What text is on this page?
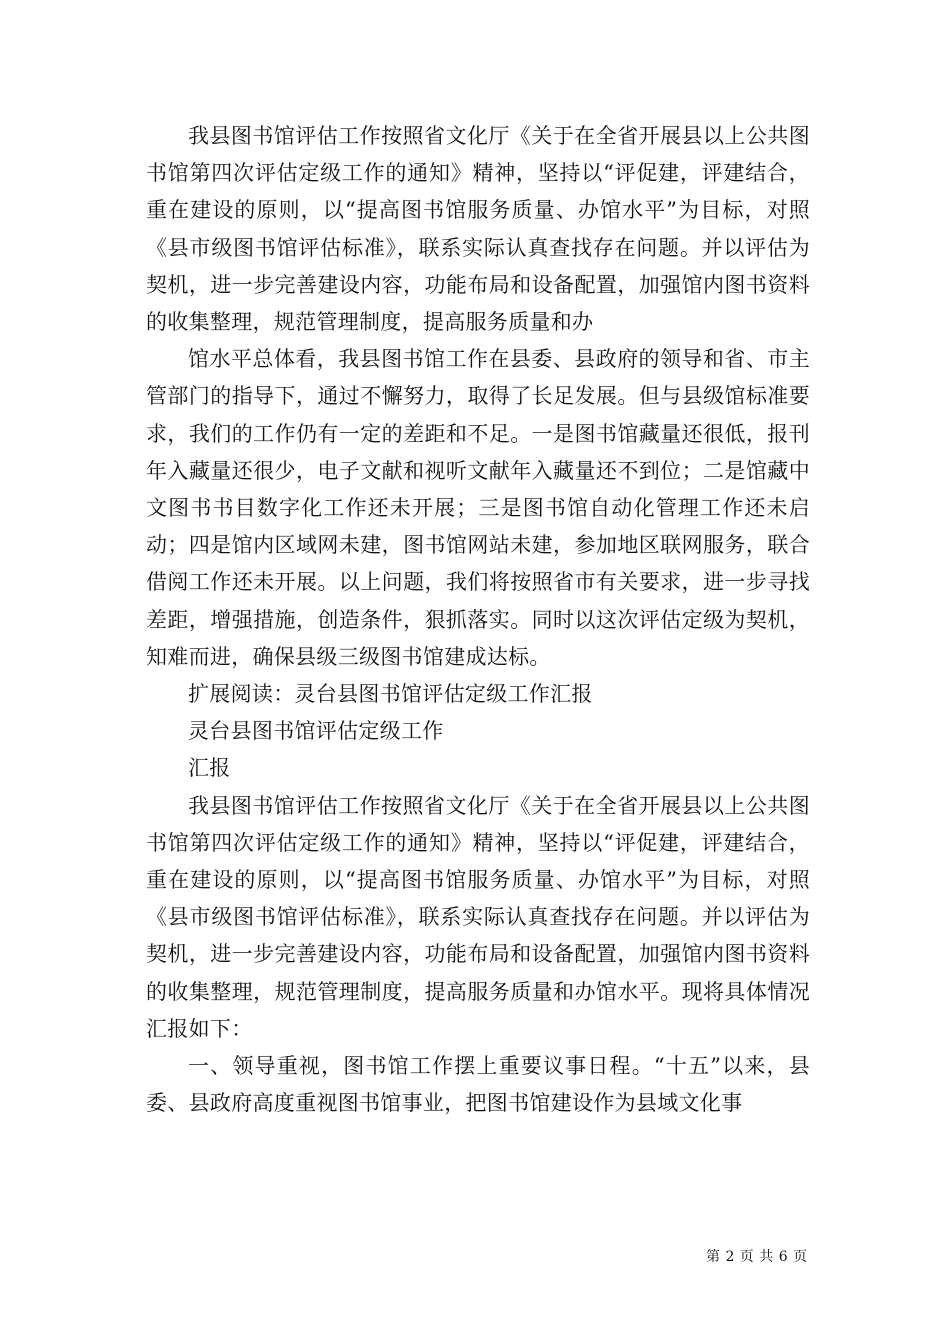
我县图书馆评估工作按照省文化厅《关于在全省开展县以上公共图书馆第四次评估定级工作的通知》精神，坚持以“评促建，评建结合，重在建设的原则，以“提高图书馆服务质量、办馆水平”为目标，对照《县市级图书馆评估标准》，联系实际认真查找存在问题。并以评估为契机，进一步完善建设内容，功能布局和设备配置，加强馆内图书资料的收集整理，规范管理制度，提高服务质量和办

馆水平总体看，我县图书馆工作在县委、县政府的领导和省、市主管部门的指导下，通过不懈努力，取得了长足发展。但与县级馆标准要求，我们的工作仍有一定的差距和不足。一是图书馆藏量还很低，报刊年入藏量还很少，电子文献和视听文献年入藏量还不到位；二是馆藏中文图书书目数字化工作还未开展；三是图书馆自动化管理工作还未启动；四是馆内区域网未建，图书馆网站未建，参加地区联网服务，联合借阅工作还未开展。以上问题，我们将按照省市有关要求，进一步寻找差距，增强措施，创造条件，狠抓落实。同时以这次评估定级为契机，知难而进，确保县级三级图书馆建成达标。

扩展阅读：灵台县图书馆评估定级工作汇报

灵台县图书馆评估定级工作

汇报

我县图书馆评估工作按照省文化厅《关于在全省开展县以上公共图书馆第四次评估定级工作的通知》精神，坚持以“评促建，评建结合，重在建设的原则，以“提高图书馆服务质量、办馆水平”为目标，对照《县市级图书馆评估标准》，联系实际认真查找存在问题。并以评估为契机，进一步完善建设内容，功能布局和设备配置，加强馆内图书资料的收集整理，规范管理制度，提高服务质量和办馆水平。现将具体情况汇报如下：

一、领导重视，图书馆工作摆上重要议事日程。“十五”以来，县委、县政府高度重视图书馆事业，把图书馆建设作为县域文化事

第 2 页 共 6 页
